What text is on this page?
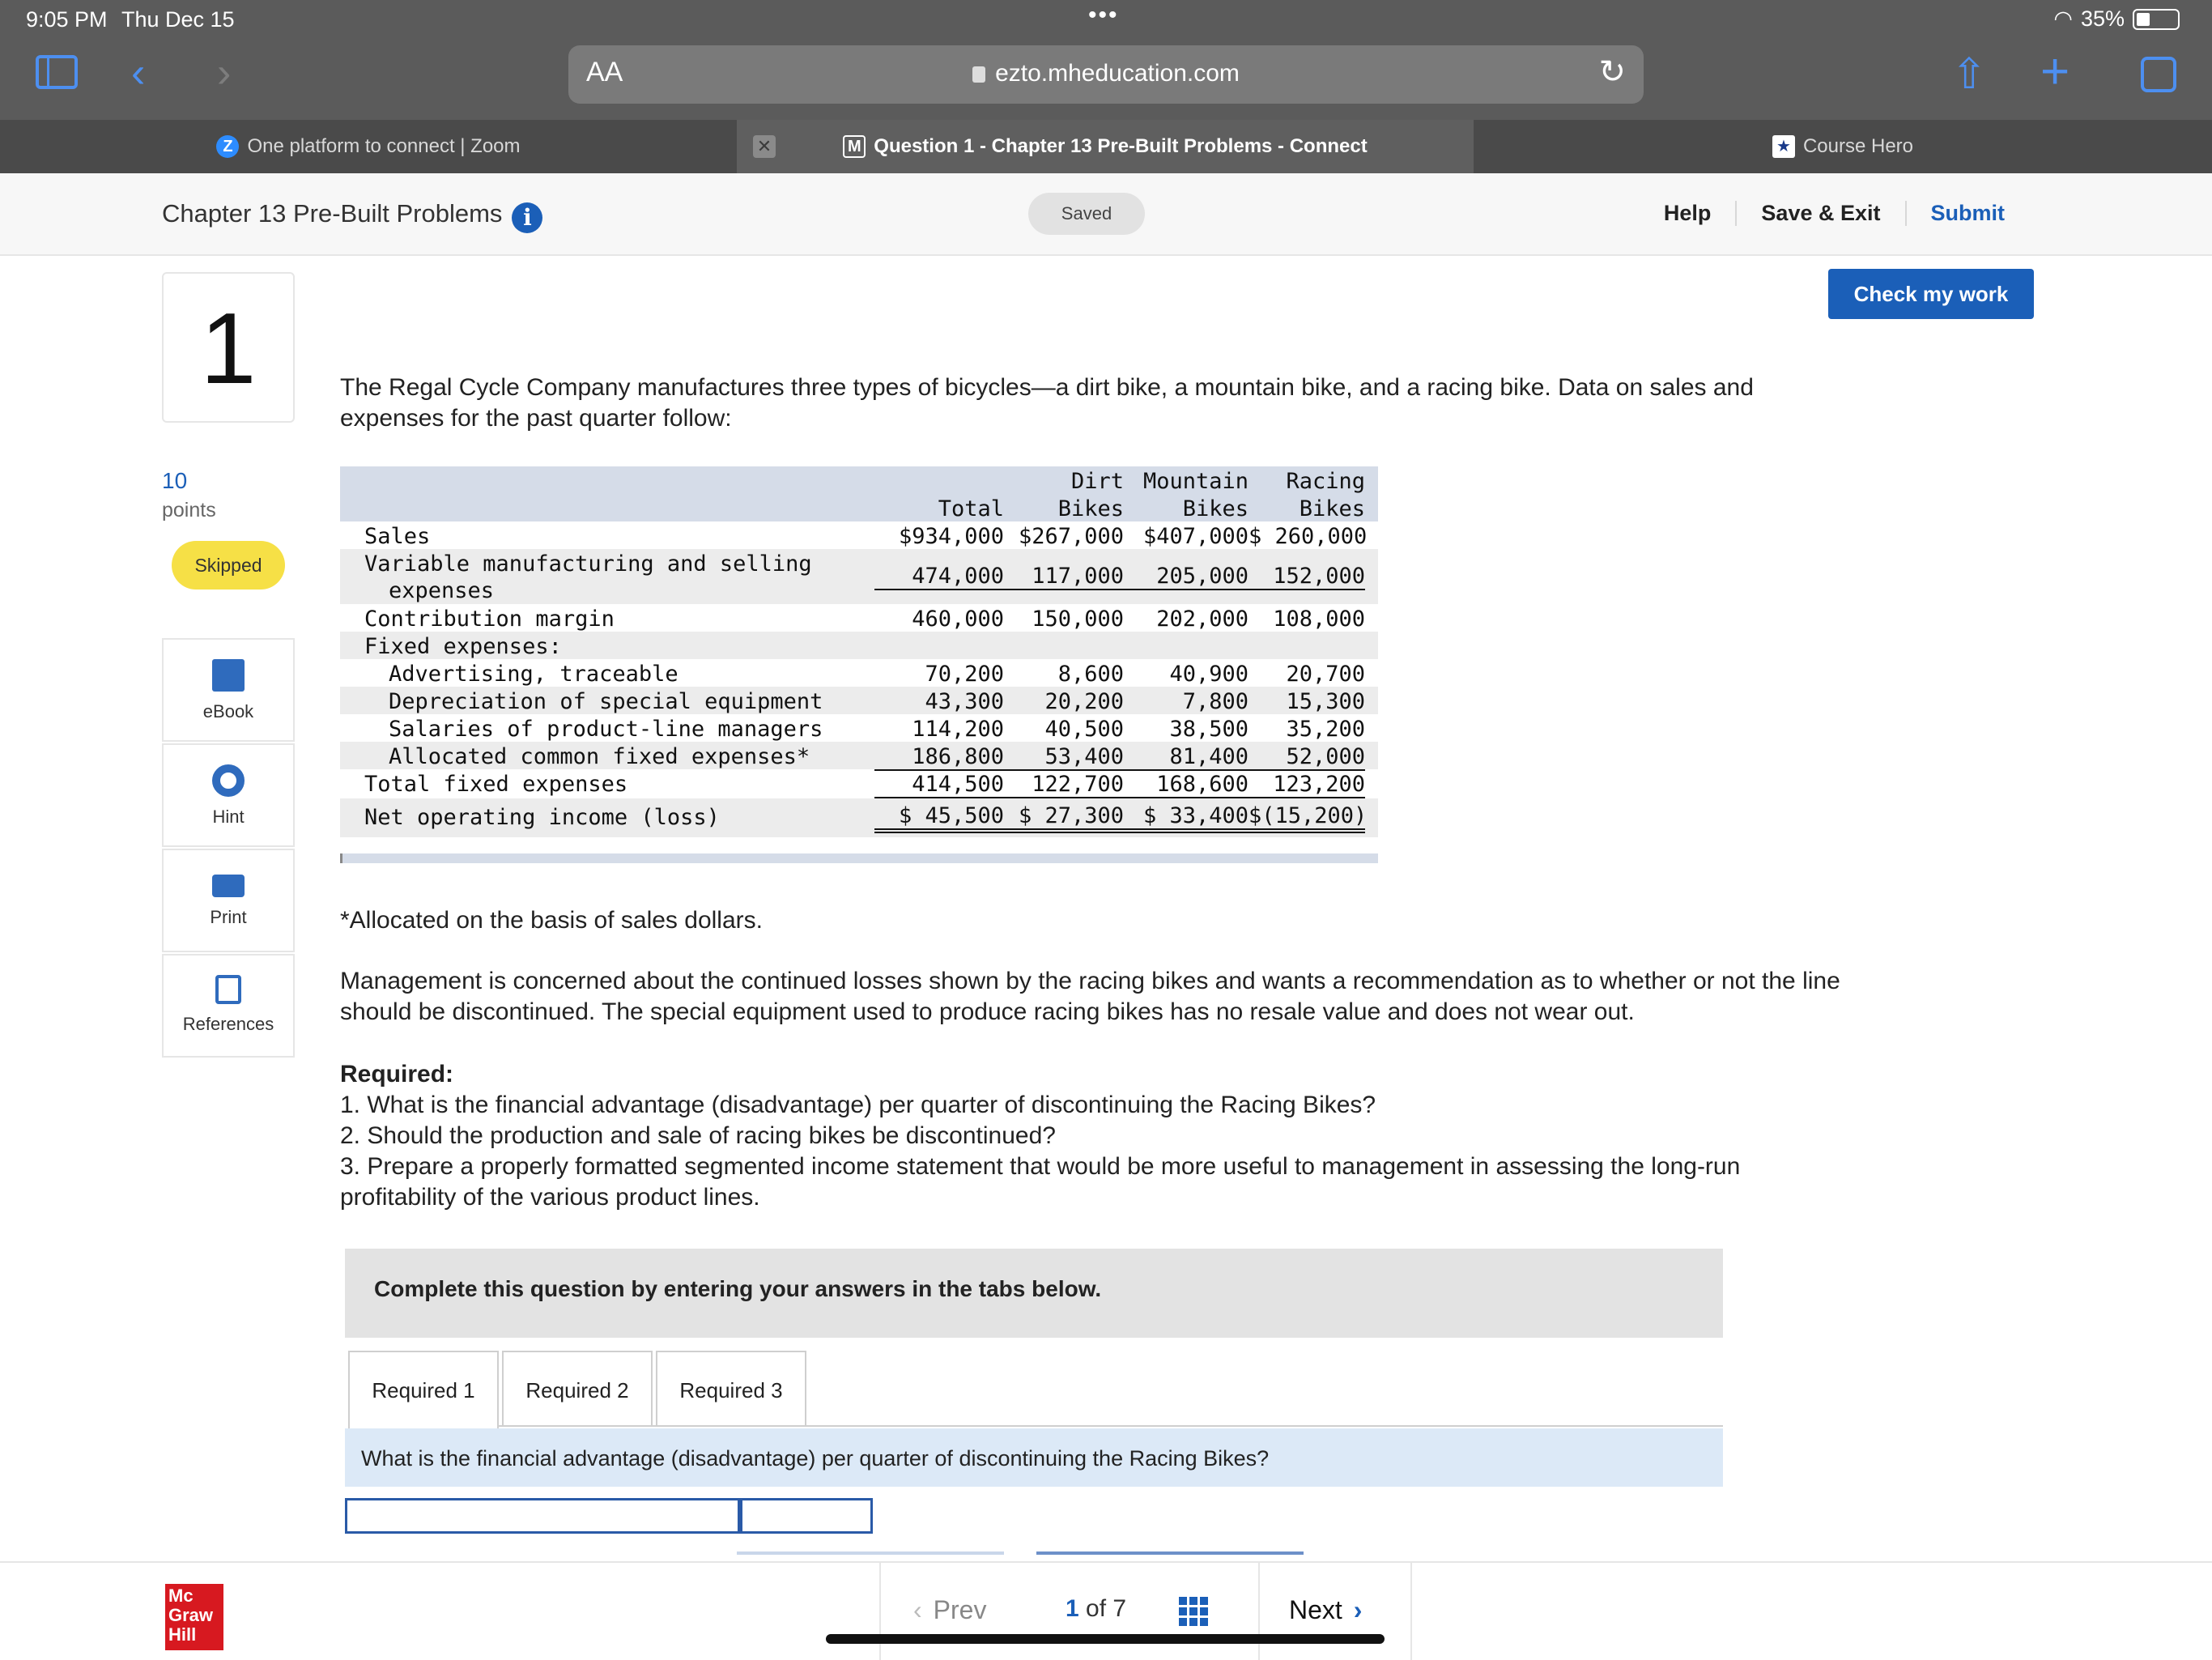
9:05 PM Thu Dec 15	•••	◠ 35%
‹ ›	AA	ezto.mheducation.com	↻	⇧ +
Z One platform to connect | Zoom	✕	M Question 1 - Chapter 13 Pre-Built Problems - Connect	★ Course Hero
Chapter 13 Pre-Built Problems i	Saved	Help	Save & Exit	Submit
1
10
points
Skipped
eBook
Hint
Print
References
Check my work
The Regal Cycle Company manufactures three types of bicycles—a dirt bike, a mountain bike, and a racing bike. Data on sales and expenses for the past quarter follow:
Dirt Mountain	Racing
Total	Bikes	Bikes	Bikes
Sales	$934,000 $267,000 $407,000 $ 260,000
Variable manufacturing and selling
expenses
474,000	117,000	205,000	152,000
Contribution margin	460,000	150,000	202,000	108,000
Fixed expenses:
Advertising, traceable	70,200	8,600	40,900	20,700
Depreciation of special equipment	43,300	20,200	7,800	15,300
Salaries of product-line managers	114,200	40,500	38,500	35,200
Allocated common fixed expenses*	186,800	53,400	81,400	52,000
Total fixed expenses	414,500	122,700	168,600	123,200
Net operating income (loss)	$ 45,500 $ 27,300 $ 33,400 $(15,200)
*Allocated on the basis of sales dollars.
Management is concerned about the continued losses shown by the racing bikes and wants a recommendation as to whether or not the line should be discontinued. The special equipment used to produce racing bikes has no resale value and does not wear out.
Required:
1. What is the financial advantage (disadvantage) per quarter of discontinuing the Racing Bikes?
2. Should the production and sale of racing bikes be discontinued?
3. Prepare a properly formatted segmented income statement that would be more useful to management in assessing the long-run profitability of the various product lines.
Complete this question by entering your answers in the tabs below.
Required 1	Required 2	Required 3
What is the financial advantage (disadvantage) per quarter of discontinuing the Racing Bikes?
Mc
Graw
Hill
‹ Prev	1 of 7	Next ›
